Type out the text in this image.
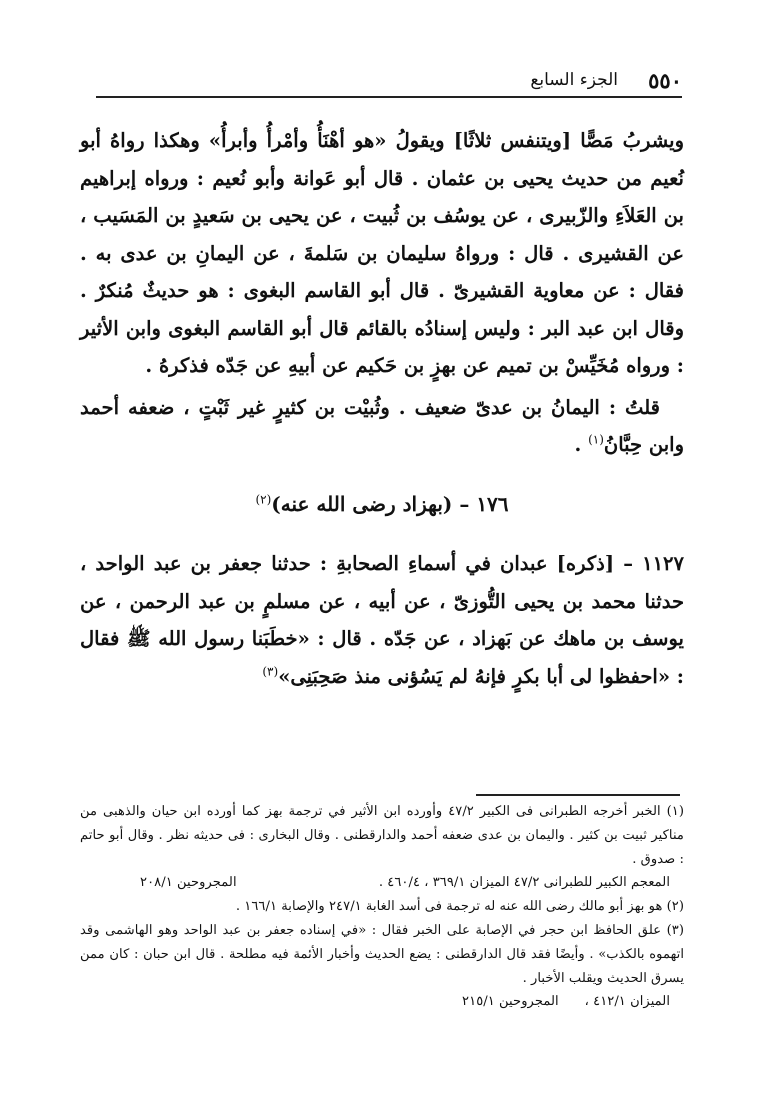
٥٥٠
الجزء السابع

ويشربُ مَصًّا [ويتنفس ثلاثًا] ويقولُ «هو أهْنَأُ وأمْرأُ وأبرأُ» وهكذا رواهُ أبو نُعيم من حديث يحيى بن عثمان . قال أبو عَوانة وأبو نُعيم : ورواه إبراهيم بن العَلاَءِ والزّبيرى ، عن يوسُف بن ثُبيت ، عن يحيى بن سَعيدٍ بن المَسَيب ، عن القشيرى . قال : ورواهُ سليمان بن سَلمةَ ، عن اليمانِ بن عدى به . فقال : عن معاوية القشيرىّ . قال أبو القاسم البغوى : هو حديثٌ مُنكرٌ . وقال ابن عبد البر : وليس إسنادُه بالقائم قال أبو القاسم البغوى وابن الأثير : ورواه مُخَيِّسْ بن تميم عن بهزٍ بن حَكيم عن أبيهِ عن جَدّه فذكرهُ .

قلتُ : اليمانُ بن عدىّ ضعيف . وثُبيْت بن كثيرٍ غير ثَبْتٍ ، ضعفه أحمد وابن حِبَّانُ$^{(١)}$ .

١٧٦ – (بهزاد رضى الله عنه)$^{(٢)}$

١١٢٧ – [ذكره] عبدان في أسماءِ الصحابةِ : حدثنا جعفر بن عبد الواحد ، حدثنا محمد بن يحيى التُّوزىّ ، عن أبيه ، عن مسلمٍ بن عبد الرحمن ، عن يوسف بن ماهك عن بَهزاد ، عن جَدّه . قال : «خطَبَنا رسول الله ﷺ فقال : «احفظوا لى أبا بكرٍ فإنهُ لم يَسُؤنى منذ صَحِبَنِى»$^{(٣)}$

(١) الخبر أخرجه الطبرانى فى الكبير ٤٧/٢ وأورده ابن الأثير في ترجمة بهز كما أورده ابن حيان والذهبى من مناكير ثبيت بن كثير . واليمان بن عدى ضعفه أحمد والدارقطنى . وقال البخارى : فى حديثه نظر . وقال أبو حاتم : صدوق .

المعجم الكبير للطبرانى ٤٧/٢ الميزان ٣٦٩/١ ، ٤٦٠/٤ .
المجروحين ٢٠٨/١

(٢) هو بهز أبو مالك رضى الله عنه له ترجمة فى أسد الغابة ٢٤٧/١ والإصابة ١٦٦/١ .

(٣) علق الحافظ ابن حجر في الإصابة على الخبر فقال : «في إسناده جعفر بن عبد الواحد وهو الهاشمى وقد اتهموه بالكذب» . وأيضًا فقد قال الدارقطنى : يضع الحديث وأخبار الأئمة فيه مطلحة . قال ابن حبان : كان ممن يسرق الحديث ويقلب الأخبار .

الميزان ٤١٢/١ ،
المجروحين ٢١٥/١
